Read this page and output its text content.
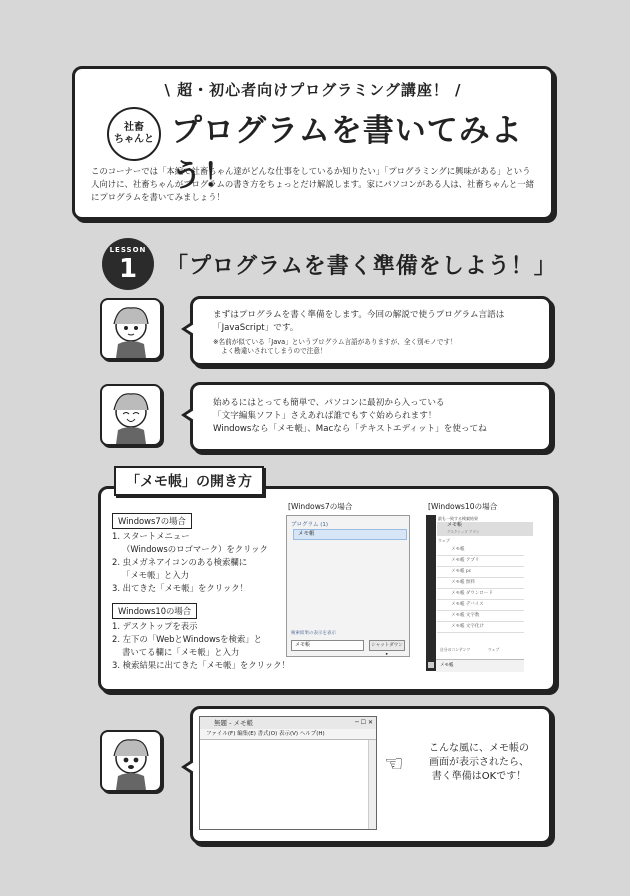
\ 超・初心者向けプログラミング講座！ /
社畜
ちゃんと プログラムを書いてみよう！
このコーナーでは「本編で社畜ちゃん達がどんな仕事をしているか知りたい」「プログラミングに興味がある」という人向けに、社畜ちゃんがプログラムの書き方をちょっとだけ解説します。家にパソコンがある人は、社畜ちゃんと一緒にプログラムを書いてみましょう！
LESSON
1	「プログラムを書く準備をしよう！」
まずはプログラムを書く準備をします。今回の解説で使うプログラム言語は
「JavaScript」です。
※名前が似ている「Java」というプログラム言語がありますが、全く別モノです！
よく勘違いされてしまうので注意！
始めるにはとっても簡単で、パソコンに最初から入っている
「文字編集ソフト」さえあれば誰でもすぐ始められます！
Windowsなら「メモ帳」、Macなら「テキストエディット」を使ってね
「メモ帳」の開き方
Windows7の場合
1. スタートメニュー
（Windowsのロゴマーク）をクリック
2. 虫メガネアイコンのある検索欄に
「メモ帳」と入力
3. 出てきた「メモ帳」をクリック！
Windows10の場合
1. デスクトップを表示
2. 左下の「WebとWindowsを検索」と
書いてる欄に「メモ帳」と入力
3. 検索結果に出てきた「メモ帳」をクリック！
[Windows7の場合
プログラム (1)
メモ帳
検索結果の表示を表示
メモ帳	シャットダウン ▸
[Windows10の場合
最も一致する検索結果
メモ帳
デスクトップ アプリ
ウェブ
メモ帳
メモ帳 アプリ
メモ帳 pc
メモ帳 無料
メモ帳 ダウンロード
メモ帳 デバイス
メモ帳 文字数
メモ帳 文字化け
自分のコンテンツ	ウェブ
メモ帳
無題 - メモ帳	─ ☐ ✕
ファイル(F) 編集(E) 書式(O) 表示(V) ヘルプ(H)
☜
こんな風に、メモ帳の
画面が表示されたら、
書く準備はOKです！
